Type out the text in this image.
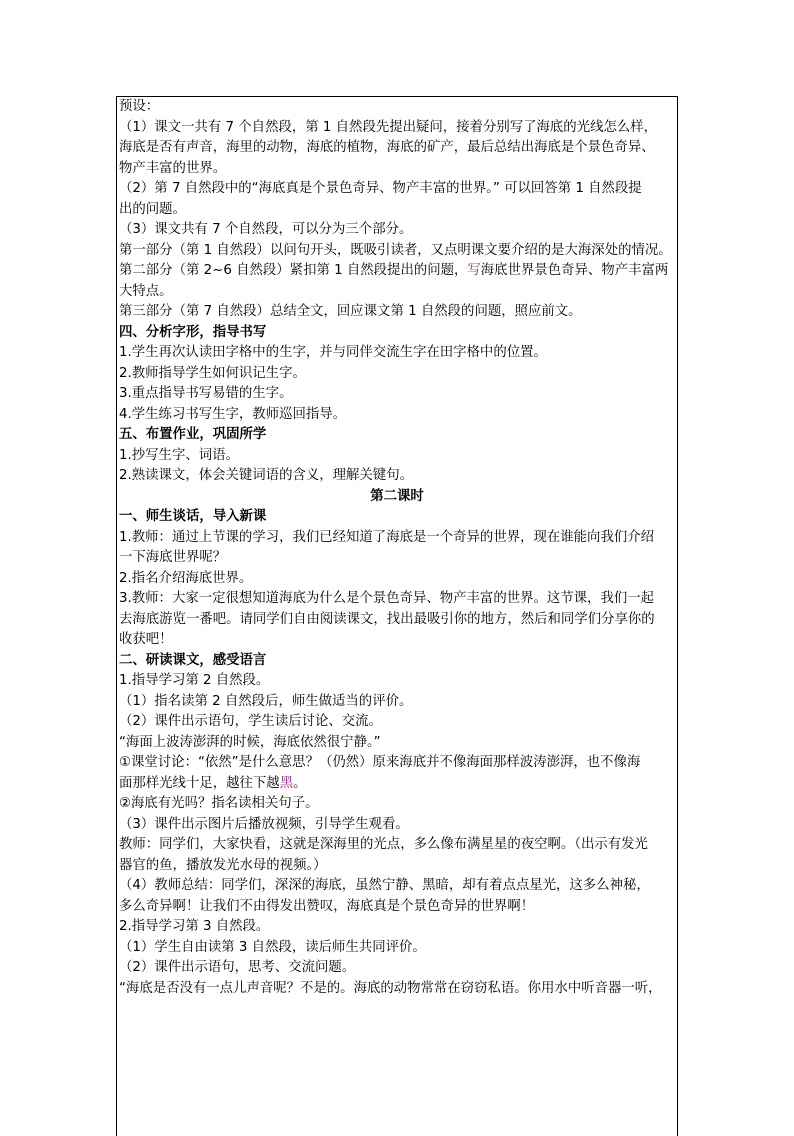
预设：
（1）课文一共有 7 个自然段，第 1 自然段先提出疑问，接着分别写了海底的光线怎么样，
海底是否有声音，海里的动物，海底的植物，海底的矿产，最后总结出海底是个景色奇异、
物产丰富的世界。
（2）第 7 自然段中的“海底真是个景色奇异、物产丰富的世界。” 可以回答第 1 自然段提
出的问题。
（3）课文共有 7 个自然段，可以分为三个部分。
第一部分（第 1 自然段）以问句开头，既吸引读者，又点明课文要介绍的是大海深处的情况。
第二部分（第 2~6 自然段）紧扣第 1 自然段提出的问题，写海底世界景色奇异、物产丰富两
大特点。
第三部分（第 7 自然段）总结全文，回应课文第 1 自然段的问题，照应前文。
四、分析字形，指导书写
1.学生再次认读田字格中的生字，并与同伴交流生字在田字格中的位置。
2.教师指导学生如何识记生字。
3.重点指导书写易错的生字。
4.学生练习书写生字，教师巡回指导。
五、布置作业，巩固所学
1.抄写生字、词语。
2.熟读课文，体会关键词语的含义，理解关键句。
第二课时
一、师生谈话，导入新课
1.教师：通过上节课的学习，我们已经知道了海底是一个奇异的世界，现在谁能向我们介绍
一下海底世界呢？
2.指名介绍海底世界。
3.教师：大家一定很想知道海底为什么是个景色奇异、物产丰富的世界。这节课，我们一起
去海底游览一番吧。请同学们自由阅读课文，找出最吸引你的地方，然后和同学们分享你的
收获吧！
二、研读课文，感受语言
1.指导学习第 2 自然段。
（1）指名读第 2 自然段后，师生做适当的评价。
（2）课件出示语句，学生读后讨论、交流。
“海面上波涛澎湃的时候，海底依然很宁静。”
①课堂讨论：“依然”是什么意思？（仍然）原来海底并不像海面那样波涛澎湃，也不像海
面那样光线十足，越往下越黑。
②海底有光吗？指名读相关句子。
（3）课件出示图片后播放视频，引导学生观看。
教师：同学们，大家快看，这就是深海里的光点，多么像布满星星的夜空啊。（出示有发光
器官的鱼，播放发光水母的视频。）
（4）教师总结：同学们，深深的海底，虽然宁静、黑暗，却有着点点星光，这多么神秘，
多么奇异啊！让我们不由得发出赞叹，海底真是个景色奇异的世界啊！
2.指导学习第 3 自然段。
（1）学生自由读第 3 自然段，读后师生共同评价。
（2）课件出示语句，思考、交流问题。
“海底是否没有一点儿声音呢？不是的。海底的动物常常在窃窃私语。你用水中听音器一听，
